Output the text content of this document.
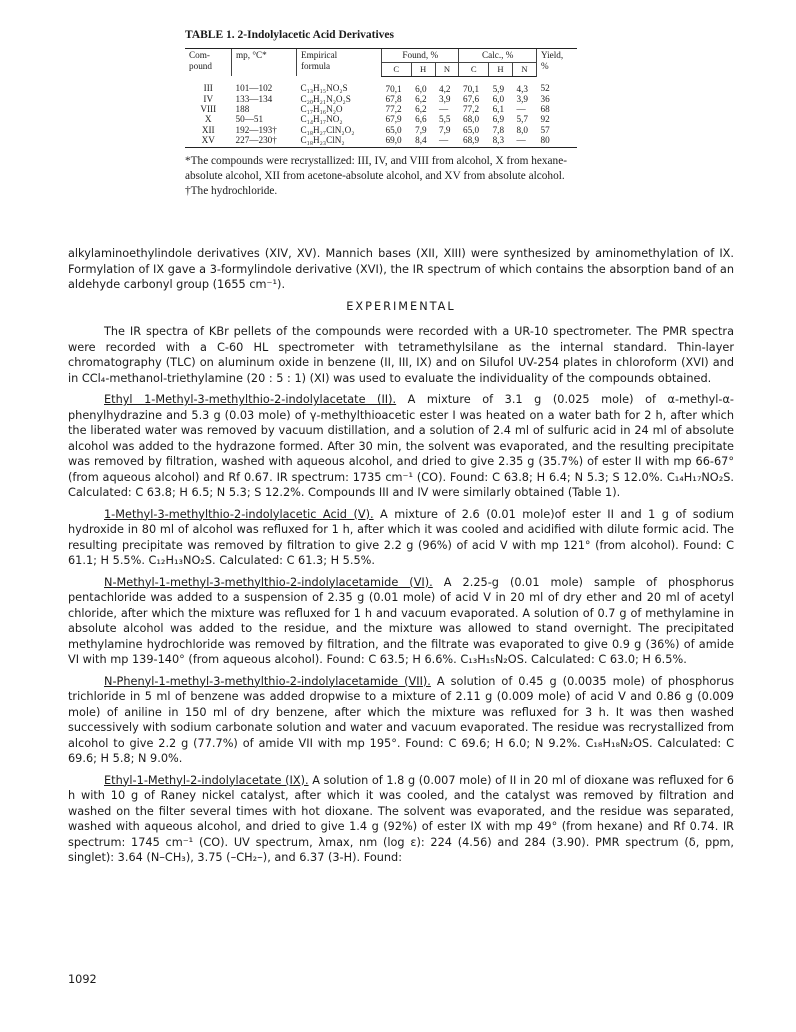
TABLE 1. 2-Indolylacetic Acid Derivatives
Com-
pound	mp, °C*	Empirical
formula	Found, %			Calc., %			Yield,
%
			C	H	N	C	H	N	
III	101—102	C₁₃H₁₅NO₂S	70,1	6,0	4,2	70,1	5,9	4,3	52
IV	133—134	C₂₀H₂₁N₂O₂S	67,8	6,2	3,9	67,6	6,0	3,9	36
VIII	188	C₁₇H₁₆N₂O	77,2	6,2	—	77,2	6,1	—	68
X	50—51	C₁₄H₁₇NO₂	67,9	6,6	5,5	68,0	6,9	5,7	92
XII	192—193†	C₁₈H₂₇ClN₂O₂	65,0	7,9	7,9	65,0	7,8	8,0	57
XV	227—230†	C₁₈H₂₃ClN₂	69,0	8,4	—	68,9	8,3	—	80
*The compounds were recrystallized: III, IV, and VIII from alcohol, X from hexane-absolute alcohol, XII from acetone-absolute alcohol, and XV from absolute alcohol.
†The hydrochloride.

alkylaminoethylindole derivatives (XIV, XV). Mannich bases (XII, XIII) were synthesized by aminomethylation of IX. Formylation of IX gave a 3-formylindole derivative (XVI), the IR spectrum of which contains the absorption band of an aldehyde carbonyl group (1655 cm⁻¹).

EXPERIMENTAL

The IR spectra of KBr pellets of the compounds were recorded with a UR-10 spectrometer. The PMR spectra were recorded with a C-60 HL spectrometer with tetramethylsilane as the internal standard. Thin-layer chromatography (TLC) on aluminum oxide in benzene (II, III, IX) and on Silufol UV-254 plates in chloroform (XVI) and in CCl₄-methanol-triethylamine (20 : 5 : 1) (XI) was used to evaluate the individuality of the compounds obtained.

Ethyl 1-Methyl-3-methylthio-2-indolylacetate (II). A mixture of 3.1 g (0.025 mole) of α-methyl-α-phenylhydrazine and 5.3 g (0.03 mole) of γ-methylthioacetic ester I was heated on a water bath for 2 h, after which the liberated water was removed by vacuum distillation, and a solution of 2.4 ml of sulfuric acid in 24 ml of absolute alcohol was added to the hydrazone formed. After 30 min, the solvent was evaporated, and the resulting precipitate was removed by filtration, washed with aqueous alcohol, and dried to give 2.35 g (35.7%) of ester II with mp 66-67° (from aqueous alcohol) and Rf 0.67. IR spectrum: 1735 cm⁻¹ (CO). Found: C 63.8; H 6.4; N 5.3; S 12.0%. C₁₄H₁₇NO₂S. Calculated: C 63.8; H 6.5; N 5.3; S 12.2%. Compounds III and IV were similarly obtained (Table 1).

1-Methyl-3-methylthio-2-indolylacetic Acid (V). A mixture of 2.6 (0.01 mole)of ester II and 1 g of sodium hydroxide in 80 ml of alcohol was refluxed for 1 h, after which it was cooled and acidified with dilute formic acid. The resulting precipitate was removed by filtration to give 2.2 g (96%) of acid V with mp 121° (from alcohol). Found: C 61.1; H 5.5%. C₁₂H₁₃NO₂S. Calculated: C 61.3; H 5.5%.

N-Methyl-1-methyl-3-methylthio-2-indolylacetamide (VI). A 2.25-g (0.01 mole) sample of phosphorus pentachloride was added to a suspension of 2.35 g (0.01 mole) of acid V in 20 ml of dry ether and 20 ml of acetyl chloride, after which the mixture was refluxed for 1 h and vacuum evaporated. A solution of 0.7 g of methylamine in absolute alcohol was added to the residue, and the mixture was allowed to stand overnight. The precipitated methylamine hydrochloride was removed by filtration, and the filtrate was evaporated to give 0.9 g (36%) of amide VI with mp 139-140° (from aqueous alcohol). Found: C 63.5; H 6.6%. C₁₃H₁₅N₂OS. Calculated: C 63.0; H 6.5%.

N-Phenyl-1-methyl-3-methylthio-2-indolylacetamide (VII). A solution of 0.45 g (0.0035 mole) of phosphorus trichloride in 5 ml of benzene was added dropwise to a mixture of 2.11 g (0.009 mole) of acid V and 0.86 g (0.009 mole) of aniline in 150 ml of dry benzene, after which the mixture was refluxed for 3 h. It was then washed successively with sodium carbonate solution and water and vacuum evaporated. The residue was recrystallized from alcohol to give 2.2 g (77.7%) of amide VII with mp 195°. Found: C 69.6; H 6.0; N 9.2%. C₁₈H₁₈N₂OS. Calculated: C 69.6; H 5.8; N 9.0%.

Ethyl-1-Methyl-2-indolylacetate (IX). A solution of 1.8 g (0.007 mole) of II in 20 ml of dioxane was refluxed for 6 h with 10 g of Raney nickel catalyst, after which it was cooled, and the catalyst was removed by filtration and washed on the filter several times with hot dioxane. The solvent was evaporated, and the residue was separated, washed with aqueous alcohol, and dried to give 1.4 g (92%) of ester IX with mp 49° (from hexane) and Rf 0.74. IR spectrum: 1745 cm⁻¹ (CO). UV spectrum, λmax, nm (log ε): 224 (4.56) and 284 (3.90). PMR spectrum (δ, ppm, singlet): 3.64 (N–CH₃), 3.75 (–CH₂–), and 6.37 (3-H). Found:

1092
